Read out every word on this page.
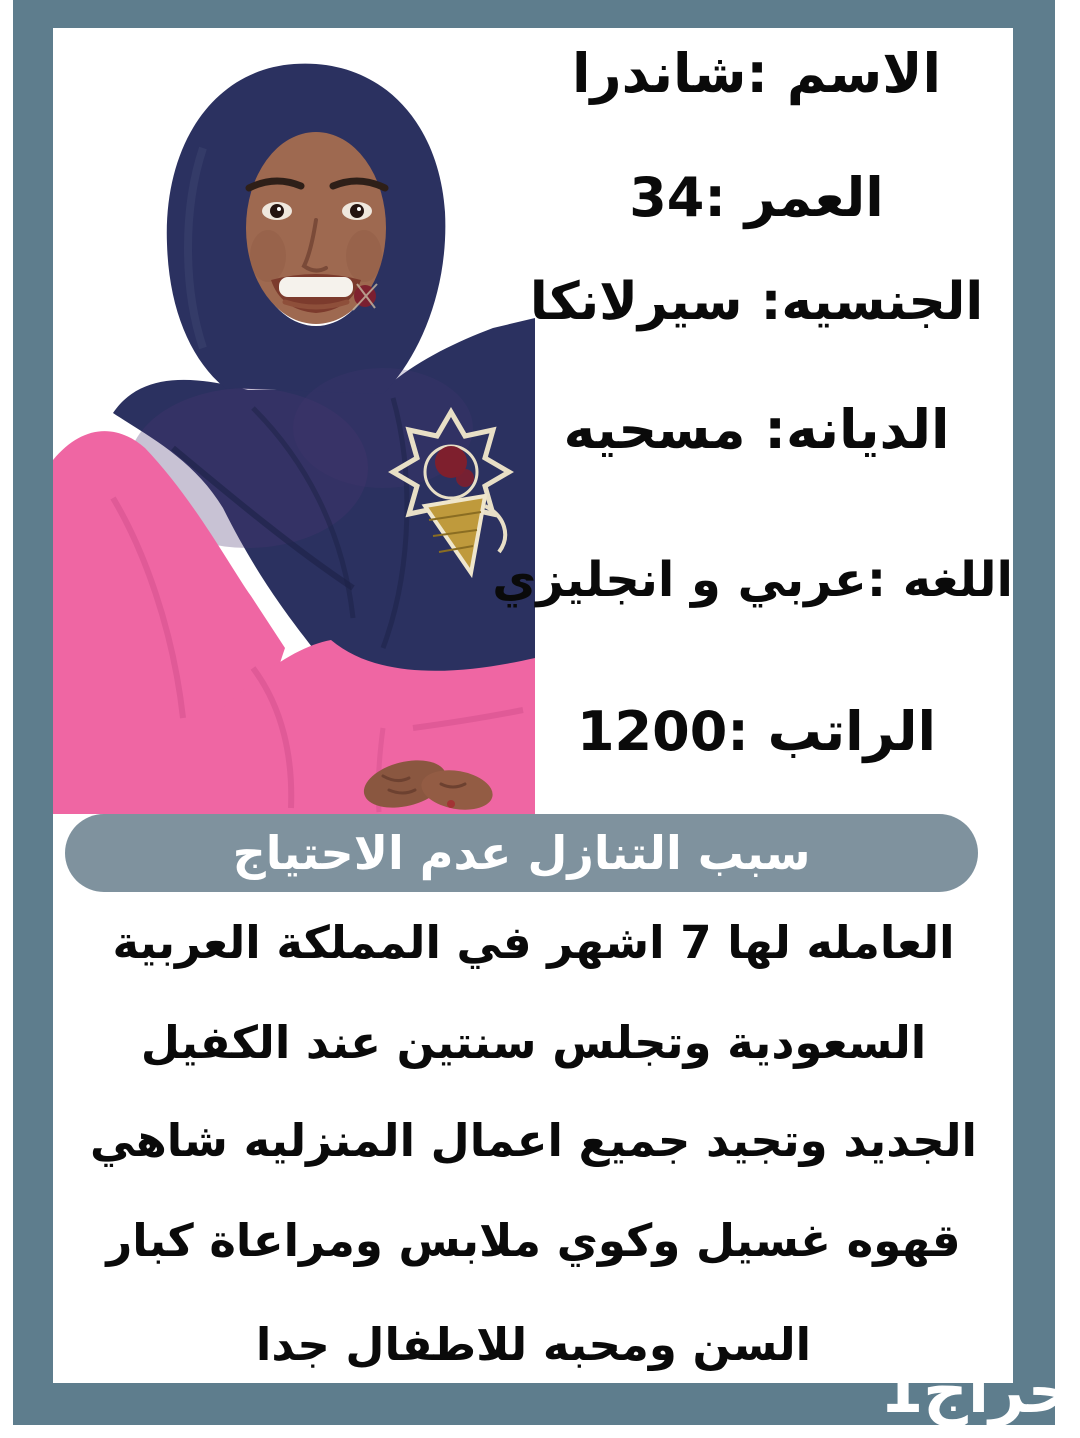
الاسم :شاندرا
العمر :34
الجنسيه: سيرلانكا
الديانه: مسحيه
اللغه :عربي و انجليزي
الراتب :1200
سبب التنازل عدم الاحتياج
العامله لها 7 اشهر في المملكة العربية
السعودية وتجلس سنتين عند الكفيل
الجديد وتجيد جميع اعمال المنزليه شاهي
قهوه غسيل وكوي ملابس ومراعاة كبار
السن ومحبه للاطفال جدا
حراج1
